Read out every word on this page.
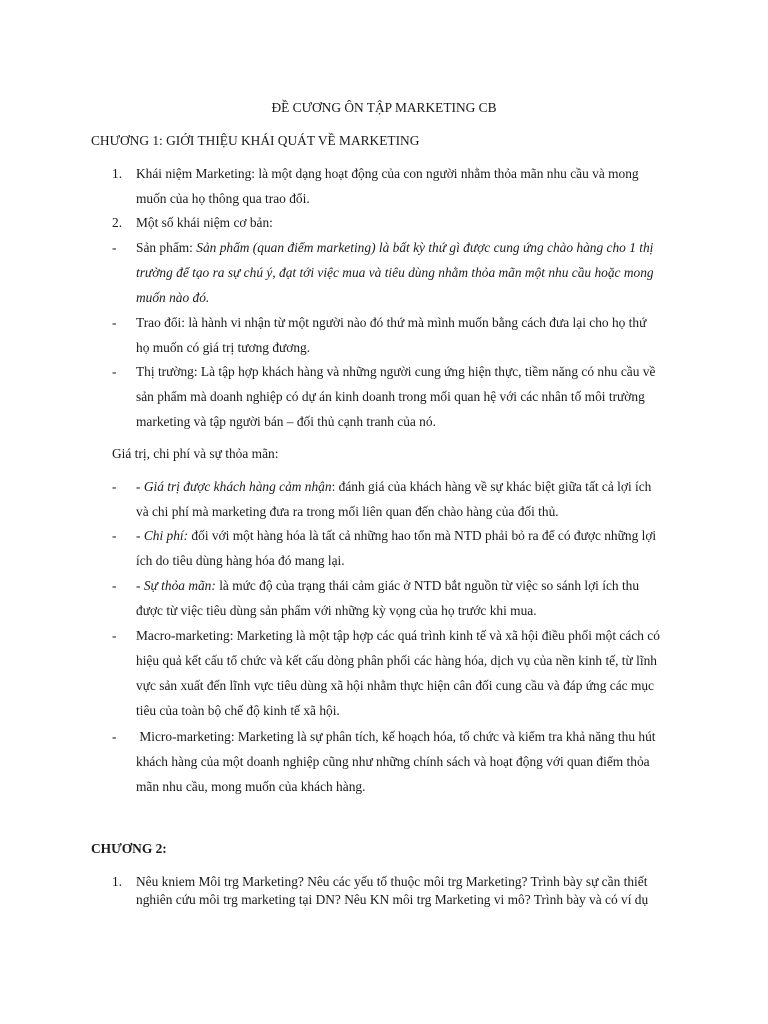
ĐỀ CƯƠNG ÔN TẬP MARKETING CB
CHƯƠNG 1: GIỚI THIỆU KHÁI QUÁT VỀ MARKETING
1. Khái niệm Marketing: là một dạng hoạt động của con người nhằm thỏa mãn nhu cầu và mong
muốn của họ thông qua trao đổi.
2. Một số khái niệm cơ bản:
- Sản phẩm: Sản phẩm (quan điểm marketing) là bất kỳ thứ gì được cung ứng chào hàng cho 1 thị
trường để tạo ra sự chú ý, đạt tới việc mua và tiêu dùng nhằm thỏa mãn một nhu cầu hoặc mong
muốn nào đó.
- Trao đổi: là hành vi nhận từ một người nào đó thứ mà mình muốn bằng cách đưa lại cho họ thứ
họ muốn có giá trị tương đương.
- Thị trường: Là tập hợp khách hàng và những người cung ứng hiện thực, tiềm năng có nhu cầu về
sản phẩm mà doanh nghiệp có dự án kinh doanh trong mối quan hệ với các nhân tố môi trường
marketing và tập người bán – đối thủ cạnh tranh của nó.
Giá trị, chi phí và sự thỏa mãn:
- - Giá trị được khách hàng cảm nhận: đánh giá của khách hàng về sự khác biệt giữa tất cả lợi ích
và chi phí mà marketing đưa ra trong mối liên quan đến chào hàng của đối thủ.
- - Chi phí: đối với một hàng hóa là tất cả những hao tổn mà NTD phải bỏ ra để có được những lợi
ích do tiêu dùng hàng hóa đó mang lại.
- - Sự thỏa mãn: là mức độ của trạng thái cảm giác ở NTD bắt nguồn từ việc so sánh lợi ích thu
được từ việc tiêu dùng sản phẩm với những kỳ vọng của họ trước khi mua.
- Macro-marketing: Marketing là một tập hợp các quá trình kinh tế và xã hội điều phối một cách có
hiệu quả kết cấu tổ chức và kết cấu dòng phân phối các hàng hóa, dịch vụ của nền kinh tế, từ lĩnh
vực sản xuất đến lĩnh vực tiêu dùng xã hội nhằm thực hiện cân đối cung cầu và đáp ứng các mục
tiêu của toàn bộ chế độ kinh tế xã hội.
- Micro-marketing: Marketing là sự phân tích, kế hoạch hóa, tổ chức và kiểm tra khả năng thu hút
khách hàng của một doanh nghiệp cũng như những chính sách và hoạt động với quan điểm thỏa
mãn nhu cầu, mong muốn của khách hàng.
CHƯƠNG 2:
1. Nêu kniem Môi trg Marketing? Nêu các yếu tố thuộc môi trg Marketing? Trình bày sự cần thiết
nghiên cứu môi trg marketing tại DN? Nêu KN môi trg Marketing vi mô? Trình bày và có ví dụ
